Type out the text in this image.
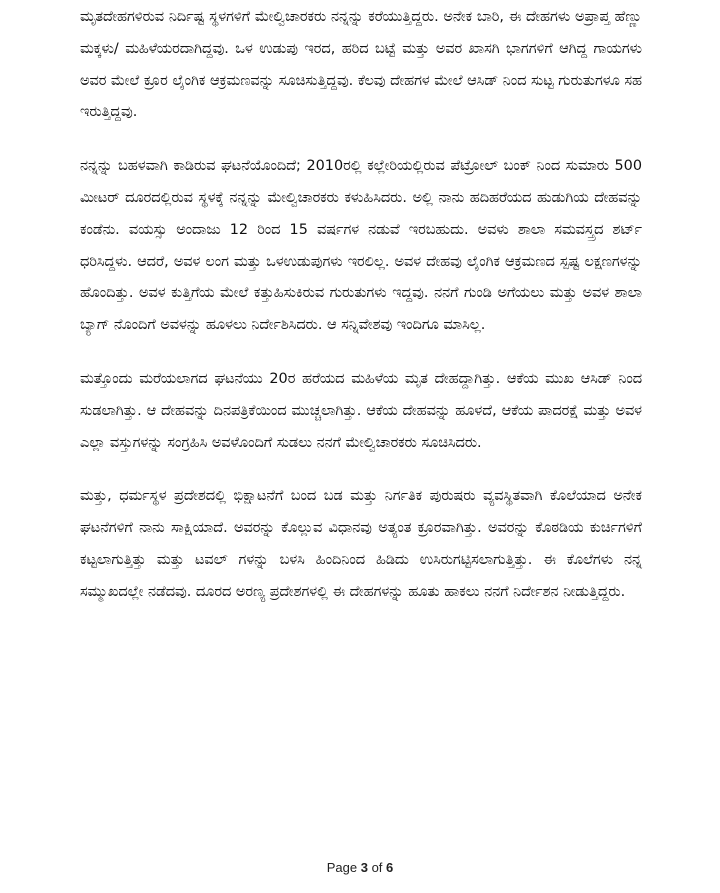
ಮೃತದೇಹಗಳಿರುವ ನಿರ್ದಿಷ್ಟ ಸ್ಥಳಗಳಿಗೆ ಮೇಲ್ವಿಚಾರಕರು ನನ್ನನ್ನು ಕರೆಯುತ್ತಿದ್ದರು. ಅನೇಕ ಬಾರಿ, ಈ ದೇಹಗಳು ಅಪ್ರಾಪ್ತ ಹೆಣ್ಣು ಮಕ್ಕಳು/ ಮಹಿಳೆಯರದಾಗಿದ್ದವು. ಒಳ ಉಡುಪು ಇರದ, ಹರಿದ ಬಟ್ಟೆ ಮತ್ತು ಅವರ ಖಾಸಗಿ ಭಾಗಗಳಿಗೆ ಆಗಿದ್ದ ಗಾಯಗಳು ಅವರ ಮೇಲೆ ಕ್ರೂರ ಲೈಂಗಿಕ ಆಕ್ರಮಣವನ್ನು ಸೂಚಿಸುತ್ತಿದ್ದವು. ಕೆಲವು ದೇಹಗಳ ಮೇಲೆ ಆಸಿಡ್ ನಿಂದ ಸುಟ್ಟ ಗುರುತುಗಳೂ ಸಹ ಇರುತ್ತಿದ್ದವು.

ನನ್ನನ್ನು ಬಹಳವಾಗಿ ಕಾಡಿರುವ ಘಟನೆಯೊಂದಿದೆ; 2010ರಲ್ಲಿ ಕಲ್ಲೇರಿಯಲ್ಲಿರುವ ಪೆಟ್ರೋಲ್ ಬಂಕ್ ನಿಂದ ಸುಮಾರು 500 ಮೀಟರ್ ದೂರದಲ್ಲಿರುವ ಸ್ಥಳಕ್ಕೆ ನನ್ನನ್ನು ಮೇಲ್ವಿಚಾರಕರು ಕಳುಹಿಸಿದರು. ಅಲ್ಲಿ ನಾನು ಹದಿಹರೆಯದ ಹುಡುಗಿಯ ದೇಹವನ್ನು ಕಂಡೆನು. ವಯಸ್ಸು ಅಂದಾಜು 12 ರಿಂದ 15 ವರ್ಷಗಳ ನಡುವೆ ಇರಬಹುದು. ಅವಳು ಶಾಲಾ ಸಮವಸ್ತ್ರದ ಶರ್ಟ್ ಧರಿಸಿದ್ದಳು. ಆದರೆ, ಅವಳ ಲಂಗ ಮತ್ತು ಒಳಉಡುಪುಗಳು ಇರಲಿಲ್ಲ. ಅವಳ ದೇಹವು ಲೈಂಗಿಕ ಆಕ್ರಮಣದ ಸ್ಪಷ್ಟ ಲಕ್ಷಣಗಳನ್ನು ಹೊಂದಿತ್ತು. ಅವಳ ಕುತ್ತಿಗೆಯ ಮೇಲೆ ಕತ್ತುಹಿಸುಕಿರುವ ಗುರುತುಗಳು ಇದ್ದವು. ನನಗೆ ಗುಂಡಿ ಅಗೆಯಲು ಮತ್ತು ಅವಳ ಶಾಲಾ ಬ್ಯಾಗ್ ನೊಂದಿಗೆ ಅವಳನ್ನು ಹೂಳಲು ನಿರ್ದೇಶಿಸಿದರು. ಆ ಸನ್ನಿವೇಶವು ಇಂದಿಗೂ ಮಾಸಿಲ್ಲ.

ಮತ್ತೊಂದು ಮರೆಯಲಾಗದ ಘಟನೆಯು 20ರ ಹರೆಯದ ಮಹಿಳೆಯ ಮೃತ ದೇಹದ್ದಾಗಿತ್ತು. ಆಕೆಯ ಮುಖ ಆಸಿಡ್ ನಿಂದ ಸುಡಲಾಗಿತ್ತು. ಆ ದೇಹವನ್ನು ದಿನಪತ್ರಿಕೆಯಿಂದ ಮುಚ್ಚಲಾಗಿತ್ತು. ಆಕೆಯ ದೇಹವನ್ನು ಹೂಳದೆ, ಆಕೆಯ ಪಾದರಕ್ಷೆ ಮತ್ತು ಅವಳ ಎಲ್ಲಾ ವಸ್ತುಗಳನ್ನು ಸಂಗ್ರಹಿಸಿ ಅವಳೊಂದಿಗೆ ಸುಡಲು ನನಗೆ ಮೇಲ್ವಿಚಾರಕರು ಸೂಚಿಸಿದರು.

ಮತ್ತು, ಧರ್ಮಸ್ಥಳ ಪ್ರದೇಶದಲ್ಲಿ ಭಿಕ್ಷಾಟನೆಗೆ ಬಂದ ಬಡ ಮತ್ತು ನಿರ್ಗತಿಕ ಪುರುಷರು ವ್ಯವಸ್ಥಿತವಾಗಿ ಕೊಲೆಯಾದ ಅನೇಕ ಘಟನೆಗಳಿಗೆ ನಾನು ಸಾಕ್ಷಿಯಾದೆ. ಅವರನ್ನು ಕೊಲ್ಲುವ ವಿಧಾನವು ಅತ್ಯಂತ ಕ್ರೂರವಾಗಿತ್ತು. ಅವರನ್ನು ಕೊಠಡಿಯ ಕುರ್ಚಿಗಳಿಗೆ ಕಟ್ಟಲಾಗುತ್ತಿತ್ತು ಮತ್ತು ಟವಲ್ ಗಳನ್ನು ಬಳಸಿ ಹಿಂದಿನಿಂದ ಹಿಡಿದು ಉಸಿರುಗಟ್ಟಿಸಲಾಗುತ್ತಿತ್ತು. ಈ ಕೊಲೆಗಳು ನನ್ನ ಸಮ್ಮುಖದಲ್ಲೇ ನಡೆದವು. ದೂರದ ಅರಣ್ಯ ಪ್ರದೇಶಗಳಲ್ಲಿ ಈ ದೇಹಗಳನ್ನು ಹೂತು ಹಾಕಲು ನನಗೆ ನಿರ್ದೇಶನ ನೀಡುತ್ತಿದ್ದರು.

Page 3 of 6
